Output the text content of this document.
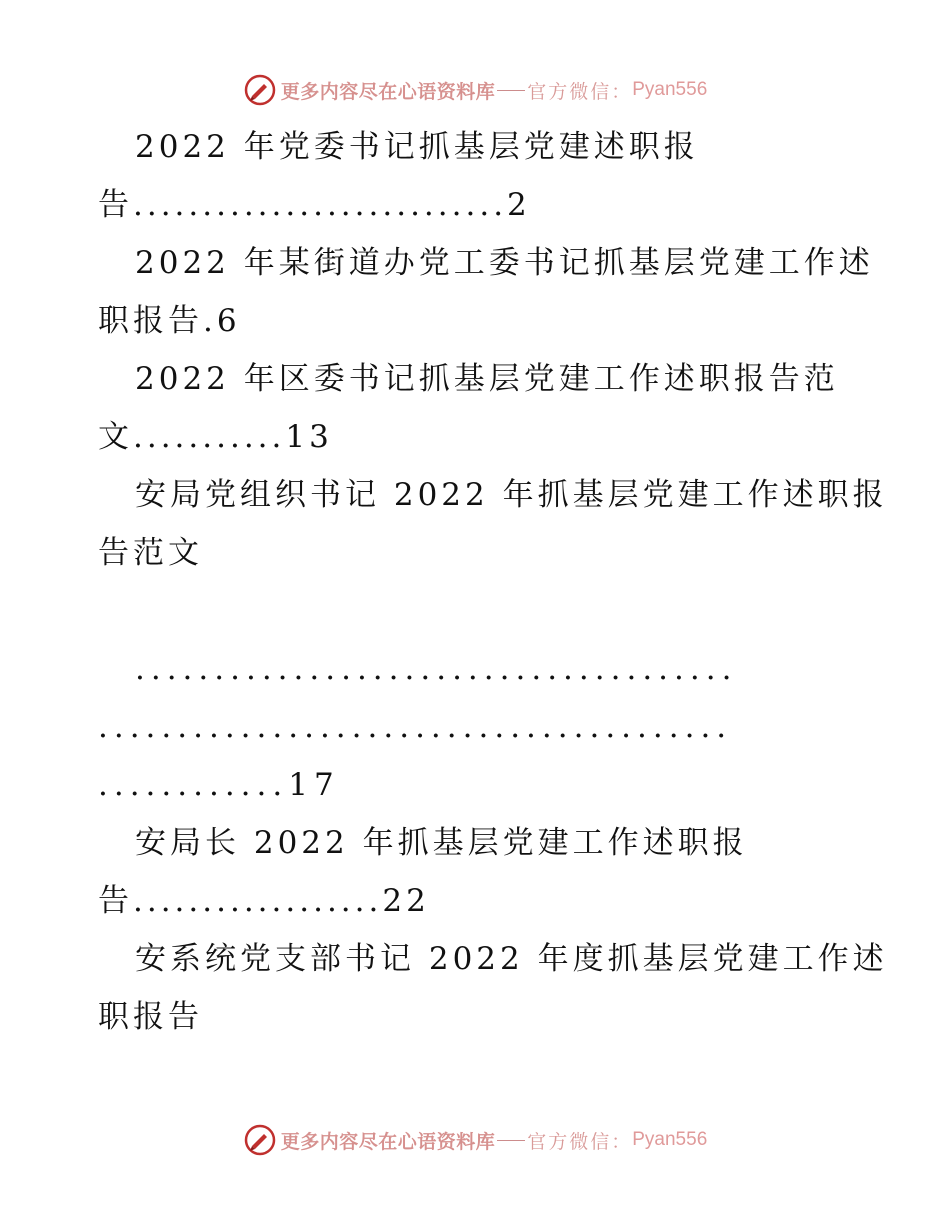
更多内容尽在心语资料库 官方微信： Pyan556
2022 年党委书记抓基层党建述职报
告...........................2
2022 年某街道办党工委书记抓基层党建工作述
职报告.6
2022 年区委书记抓基层党建工作述职报告范
文...........13
安局党组织书记 2022 年抓基层党建工作述职报
告范文
......................................
........................................
............17
安局长 2022 年抓基层党建工作述职报
告..................22
安系统党支部书记 2022 年度抓基层党建工作述
职报告
更多内容尽在心语资料库 官方微信： Pyan556
